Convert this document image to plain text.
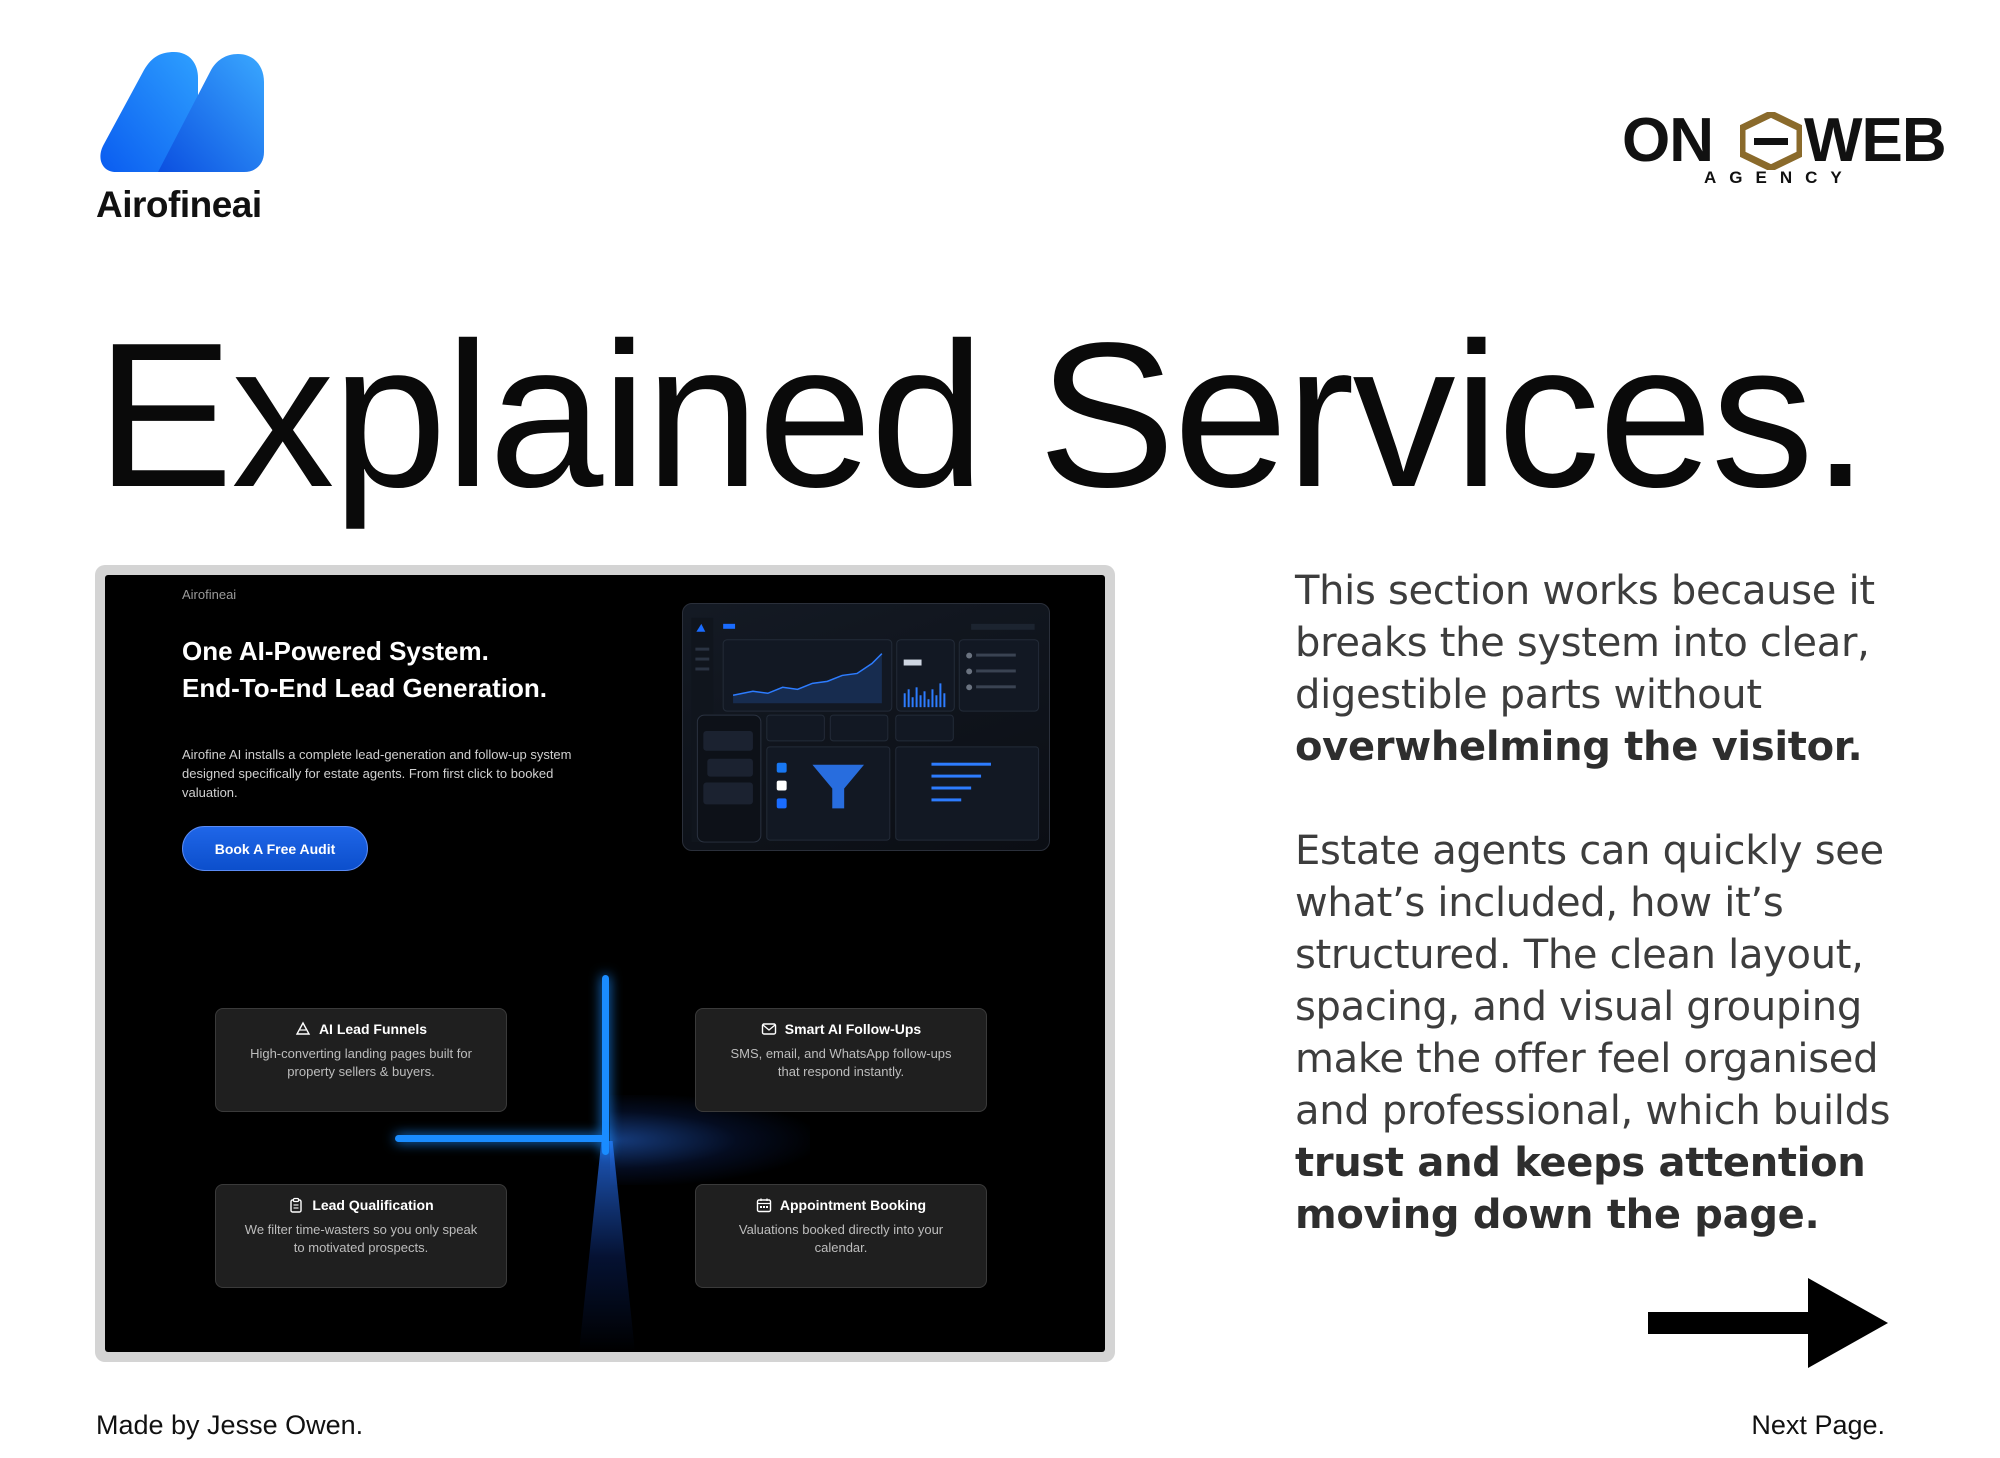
Airofineai
ON WEB
AGENCY
Explained Services.
Airofineai
One AI-Powered System.
End-To-End Lead Generation.
Airofine AI installs a complete lead-generation and follow-up system designed specifically for estate agents. From first click to booked valuation.
Book A Free Audit
AI Lead Funnels
High-converting landing pages built for property sellers & buyers.
Smart AI Follow-Ups
SMS, email, and WhatsApp follow-ups that respond instantly.
Lead Qualification
We filter time-wasters so you only speak to motivated prospects.
Appointment Booking
Valuations booked directly into your calendar.

This section works because it breaks the system into clear, digestible parts without overwhelming the visitor.

Estate agents can quickly see what’s included, how it’s structured. The clean layout, spacing, and visual grouping make the offer feel organised and professional, which builds trust and keeps attention moving down the page.

Made by Jesse Owen.	Next Page.
